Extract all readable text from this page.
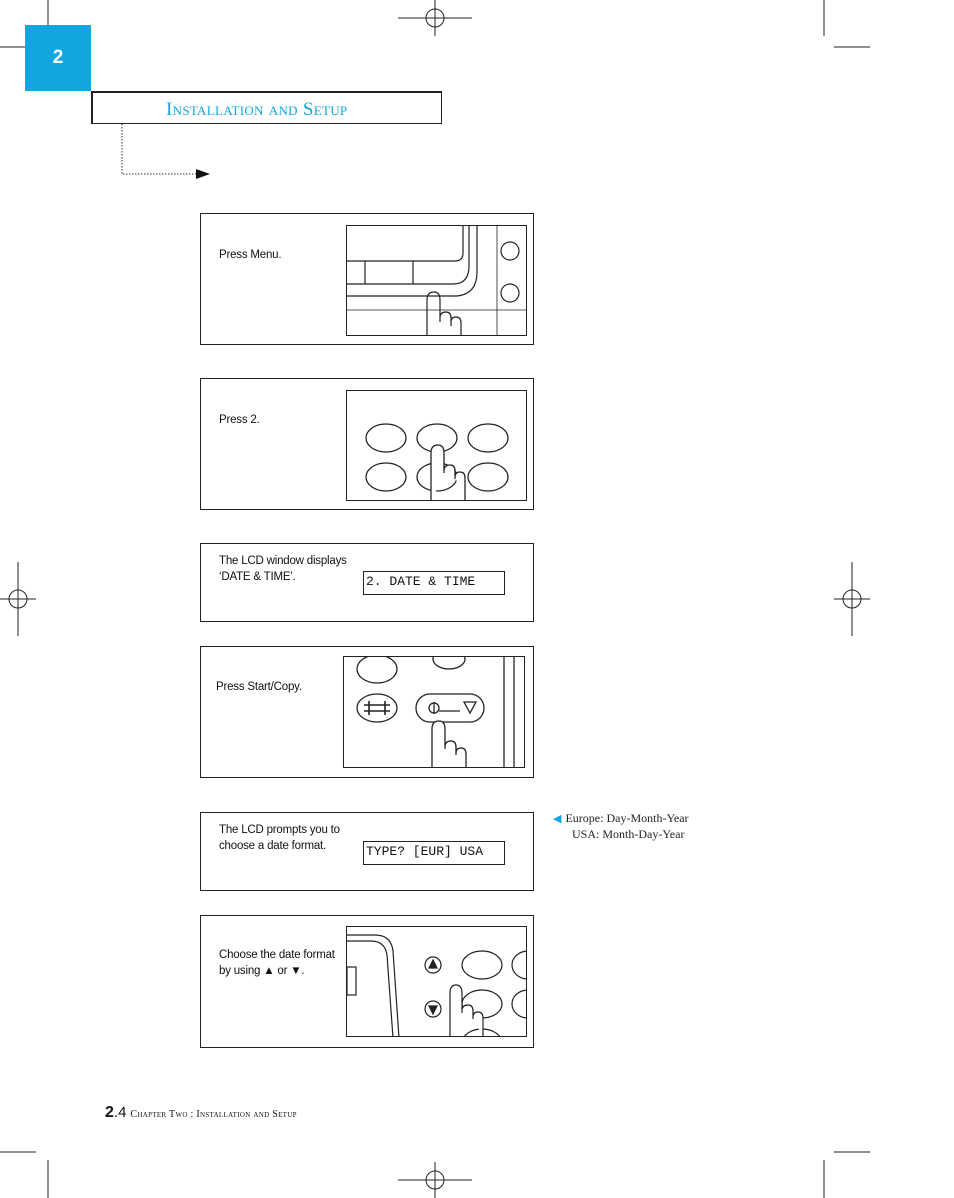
2
Installation and Setup
Press Menu.
Press 2.
The LCD window displays
‘DATE & TIME’.	2. DATE & TIME
Press Start/Copy.
The LCD prompts you to
choose a date format.	TYPE? [EUR] USA
◀ Europe: Day-Month-Year
USA: Month-Day-Year
Choose the date format
by using ▲ or ▼.
2.4 Chapter Two : Installation and Setup
